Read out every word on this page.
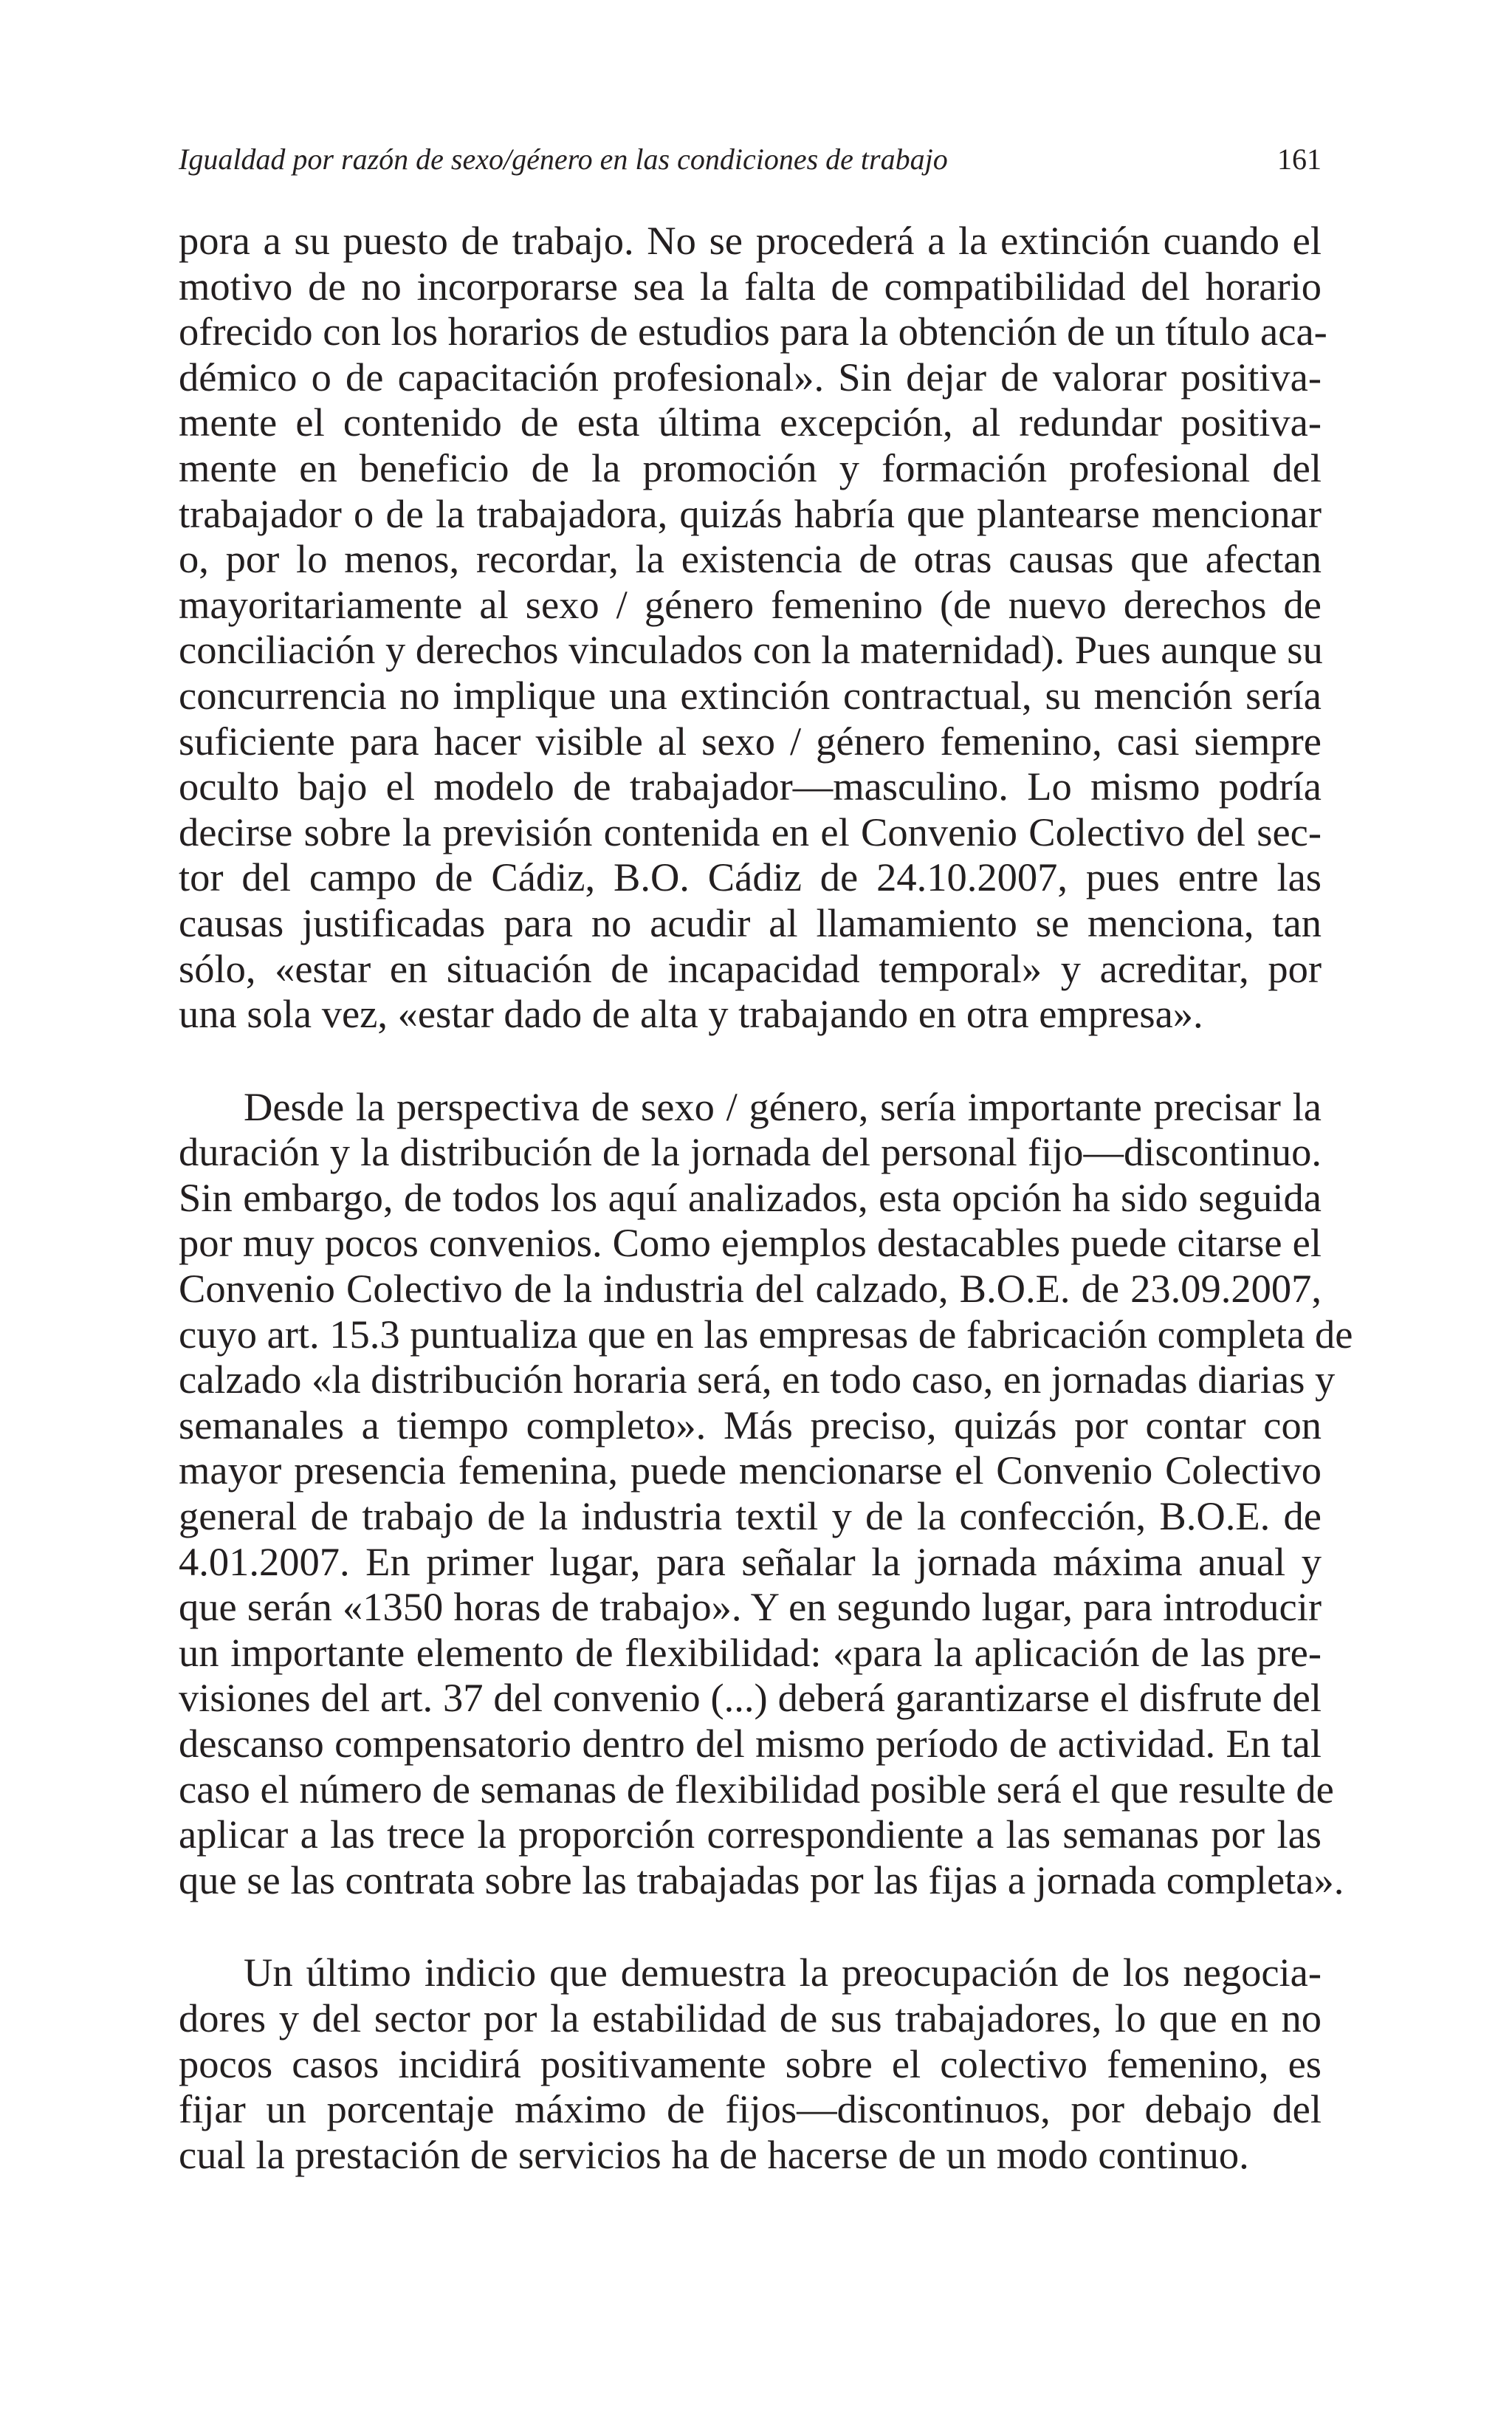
Igualdad por razón de sexo/género en las condiciones de trabajo	161
pora a su puesto de trabajo. No se procederá a la extinción cuando el
motivo de no incorporarse sea la falta de compatibilidad del horario
ofrecido con los horarios de estudios para la obtención de un título aca-
démico o de capacitación profesional». Sin dejar de valorar positiva-
mente el contenido de esta última excepción, al redundar positiva-
mente en beneficio de la promoción y formación profesional del
trabajador o de la trabajadora, quizás habría que plantearse mencionar
o, por lo menos, recordar, la existencia de otras causas que afectan
mayoritariamente al sexo / género femenino (de nuevo derechos de
conciliación y derechos vinculados con la maternidad). Pues aunque su
concurrencia no implique una extinción contractual, su mención sería
suficiente para hacer visible al sexo / género femenino, casi siempre
oculto bajo el modelo de trabajador—masculino. Lo mismo podría
decirse sobre la previsión contenida en el Convenio Colectivo del sec-
tor del campo de Cádiz, B.O. Cádiz de 24.10.2007, pues entre las
causas justificadas para no acudir al llamamiento se menciona, tan
sólo, «estar en situación de incapacidad temporal» y acreditar, por
una sola vez, «estar dado de alta y trabajando en otra empresa».
Desde la perspectiva de sexo / género, sería importante precisar la
duración y la distribución de la jornada del personal fijo—discontinuo.
Sin embargo, de todos los aquí analizados, esta opción ha sido seguida
por muy pocos convenios. Como ejemplos destacables puede citarse el
Convenio Colectivo de la industria del calzado, B.O.E. de 23.09.2007,
cuyo art. 15.3 puntualiza que en las empresas de fabricación completa de
calzado «la distribución horaria será, en todo caso, en jornadas diarias y
semanales a tiempo completo». Más preciso, quizás por contar con
mayor presencia femenina, puede mencionarse el Convenio Colectivo
general de trabajo de la industria textil y de la confección, B.O.E. de
4.01.2007. En primer lugar, para señalar la jornada máxima anual y
que serán «1350 horas de trabajo». Y en segundo lugar, para introducir
un importante elemento de flexibilidad: «para la aplicación de las pre-
visiones del art. 37 del convenio (...) deberá garantizarse el disfrute del
descanso compensatorio dentro del mismo período de actividad. En tal
caso el número de semanas de flexibilidad posible será el que resulte de
aplicar a las trece la proporción correspondiente a las semanas por las
que se las contrata sobre las trabajadas por las fijas a jornada completa».
Un último indicio que demuestra la preocupación de los negocia-
dores y del sector por la estabilidad de sus trabajadores, lo que en no
pocos casos incidirá positivamente sobre el colectivo femenino, es
fijar un porcentaje máximo de fijos—discontinuos, por debajo del
cual la prestación de servicios ha de hacerse de un modo continuo.
